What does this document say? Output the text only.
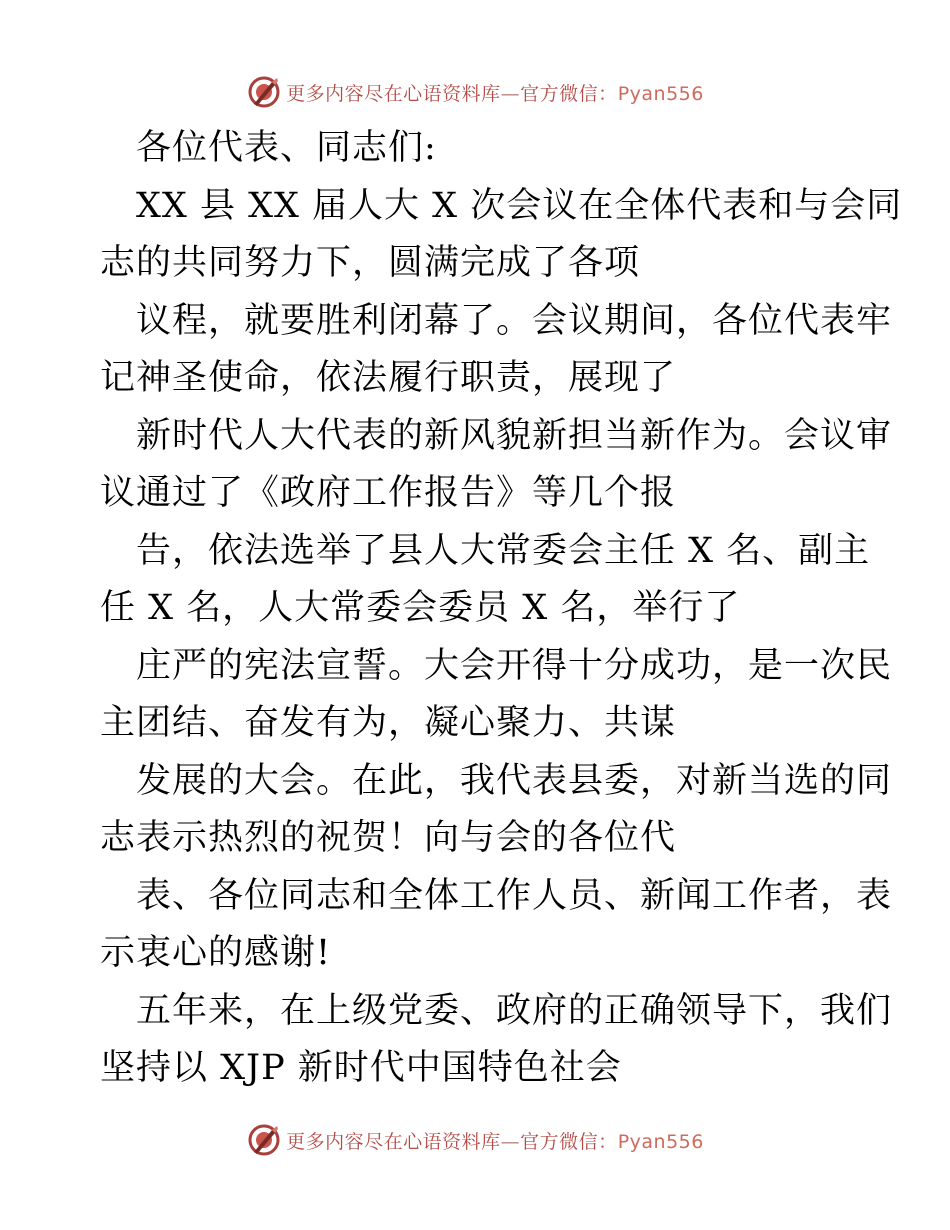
更多内容尽在心语资料库—官方微信：Pyan556
各位代表、同志们:
XX 县 XX 届人大 X 次会议在全体代表和与会同
志的共同努力下，圆满完成了各项
议程，就要胜利闭幕了。会议期间，各位代表牢
记神圣使命，依法履行职责，展现了
新时代人大代表的新风貌新担当新作为。会议审
议通过了《政府工作报告》等几个报
告，依法选举了县人大常委会主任 X 名、副主
任 X 名，人大常委会委员 X 名，举行了
庄严的宪法宣誓。大会开得十分成功，是一次民
主团结、奋发有为，凝心聚力、共谋
发展的大会。在此，我代表县委，对新当选的同
志表示热烈的祝贺！向与会的各位代
表、各位同志和全体工作人员、新闻工作者，表
示衷心的感谢!
五年来，在上级党委、政府的正确领导下，我们
坚持以 XJP 新时代中国特色社会
更多内容尽在心语资料库—官方微信：Pyan556
